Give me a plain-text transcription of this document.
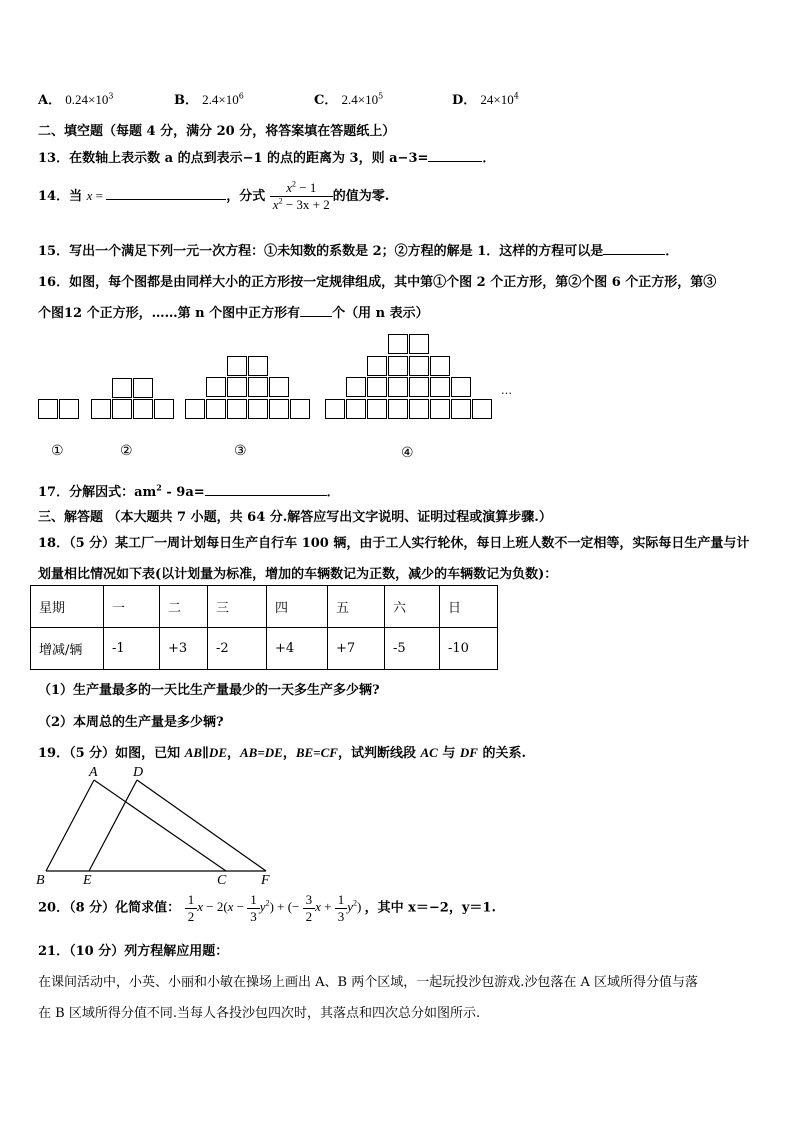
A． $0.24\times 10^3$	B． $2.4\times 10^6$	C． $2.4\times 10^5$	D． $24\times 10^4$
二、填空题（每题 4 分，满分 20 分，将答案填在答题纸上）
13．在数轴上表示数 a 的点到表示−1 的点的距离为 3，则 a−3=	．
14．当 x =	，分式 $\frac{x^2 - 1}{x^2 - 3x + 2}$ 的值为零.
15．写出一个满足下列一元一次方程：①未知数的系数是 2；②方程的解是 1．这样的方程可以是	．
16．如图，每个图都是由同样大小的正方形按一定规律组成，其中第①个图 2 个正方形，第②个图 6 个正方形，第③
个图12 个正方形，……第 n 个图中正方形有 个（用 n 表示）
…
①	②	③	④
17．分解因式：$am^2 - 9a=$	．
三、解答题 （本大题共 7 小题，共 64 分.解答应写出文字说明、证明过程或演算步骤.）
18．（5 分）某工厂一周计划每日生产自行车 100 辆，由于工人实行轮休，每日上班人数不一定相等，实际每日生产量与计
划量相比情况如下表(以计划量为标准，增加的车辆数记为正数，减少的车辆数记为负数)：
星期	一	二	三	四	五	六	日
增减/辆	-1	+3	-2	+4	+7	-5	-10
（1）生产量最多的一天比生产量最少的一天多生产多少辆?
（2）本周总的生产量是多少辆?
19．（5 分）如图，已知 AB∥DE，AB=DE，BE=CF，试判断线段 AC 与 DF 的关系.
A	D
B	E	C F
20．（8 分）化简求值： $\frac{1}{2}$ $x - 2(x - \frac{1}{3} y^2)$ + (− $\frac{3}{2}$ $x + \frac{1}{3} y^2$) ，其中 x＝−2，y＝1.
21．（10 分）列方程解应用题：
在课间活动中，小英、小丽和小敏在操场上画出 A、B 两个区域，一起玩投沙包游戏.沙包落在 A 区域所得分值与落
在 B 区域所得分值不同.当每人各投沙包四次时，其落点和四次总分如图所示.
